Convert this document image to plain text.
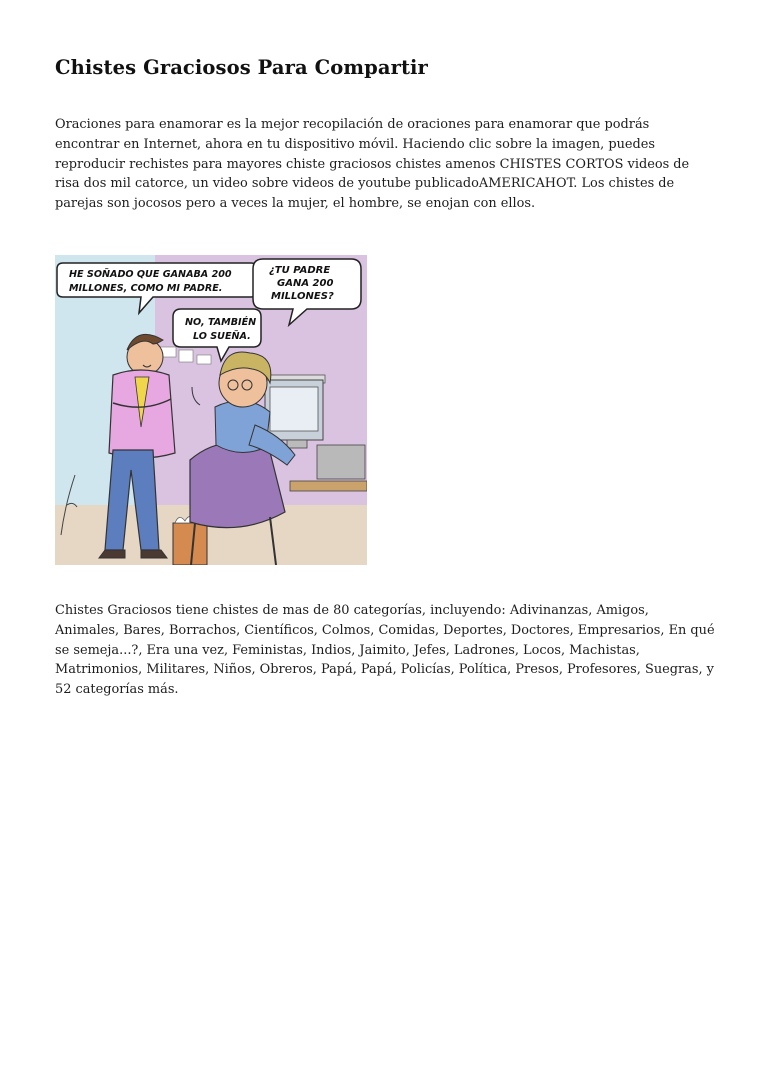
Chistes Graciosos Para Compartir

Oraciones para enamorar es la mejor recopilación de oraciones para enamorar que podrás encontrar en Internet, ahora en tu dispositivo móvil. Haciendo clic sobre la imagen, puedes reproducir rechistes para mayores chiste graciosos chistes amenos CHISTES CORTOS videos de risa dos mil catorce, un video sobre videos de youtube publicadoAMERICAHOT. Los chistes de parejas son jocosos pero a veces la mujer, el hombre, se enojan con ellos.

HE SOÑADO QUE GANABA 200
MILLONES, COMO MI PADRE.
¿TU PADRE
GANA 200
MILLONES?
NO, TAMBIÉN
LO SUEÑA.

Chistes Graciosos tiene chistes de mas de 80 categorías, incluyendo: Adivinanzas, Amigos, Animales, Bares, Borrachos, Científicos, Colmos, Comidas, Deportes, Doctores, Empresarios, En qué se semeja...?, Era una vez, Feministas, Indios, Jaimito, Jefes, Ladrones, Locos, Machistas, Matrimonios, Militares, Niños, Obreros, Papá, Papá, Policías, Política, Presos, Profesores, Suegras, y 52 categorías más.
